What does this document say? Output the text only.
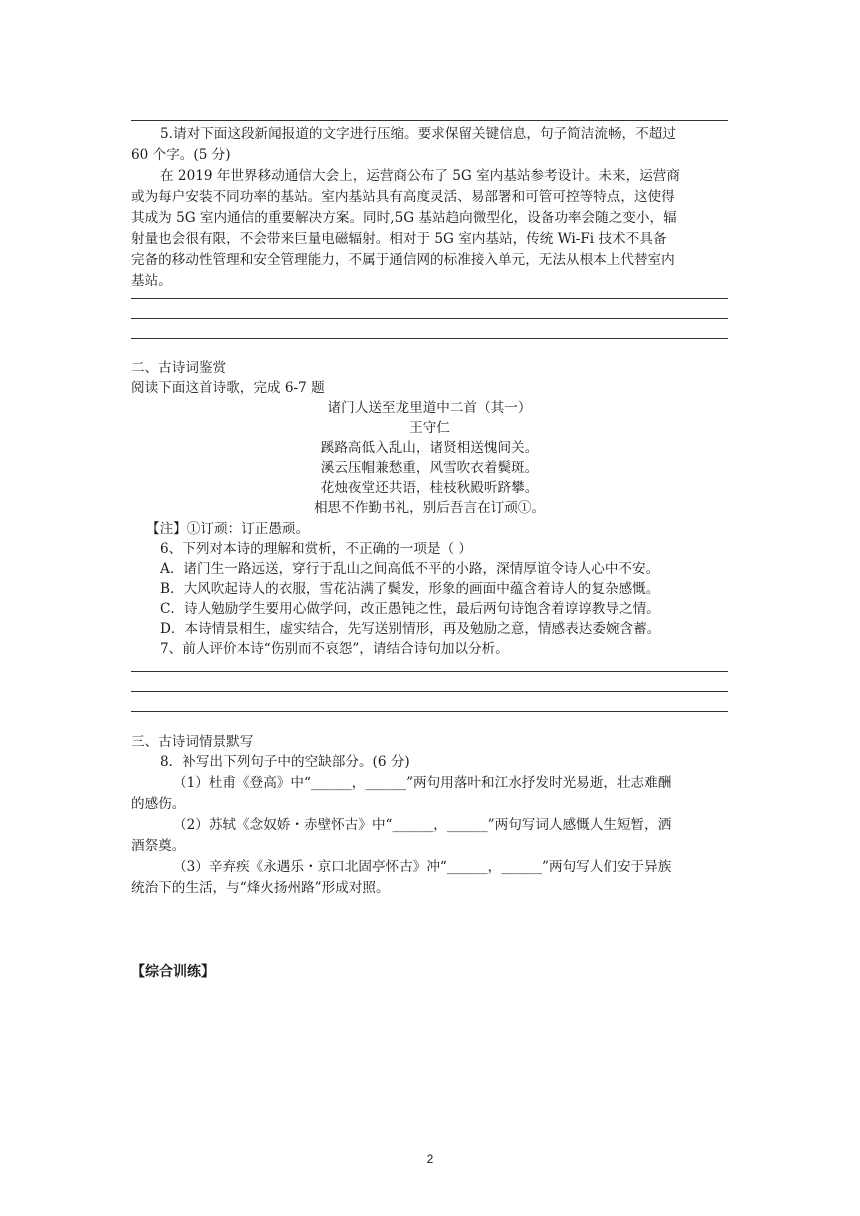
5.请对下面这段新闻报道的文字进行压缩。要求保留关键信息，句子简洁流畅，不超过
60 个字。(5 分)
在 2019 年世界移动通信大会上，运营商公布了 5G 室内基站参考设计。未来，运营商
或为每户安装不同功率的基站。室内基站具有高度灵活、易部署和可管可控等特点，这使得
其成为 5G 室内通信的重要解决方案。同时,5G 基站趋向微型化，设备功率会随之变小，辐
射量也会很有限，不会带来巨量电磁辐射。相对于 5G 室内基站，传统 Wi-Fi 技术不具备
完备的移动性管理和安全管理能力，不属于通信网的标准接入单元，无法从根本上代替室内
基站。
二、古诗词鉴赏
阅读下面这首诗歌，完成 6-7 题
诸门人送至龙里道中二首（其一）
王守仁
蹊路高低入乱山，诸贤相送愧间关。
溪云压帽兼愁重，风雪吹衣着鬓斑。
花烛夜堂还共语，桂枝秋殿听跻攀。
相思不作勤书礼，别后吾言在订顽①。
【注】①订顽：订正愚顽。
6、下列对本诗的理解和赏析，不正确的一项是（ ）
A．诸门生一路远送，穿行于乱山之间高低不平的小路，深情厚谊令诗人心中不安。
B．大风吹起诗人的衣服，雪花沾满了鬓发，形象的画面中蕴含着诗人的复杂感慨。
C．诗人勉励学生要用心做学问，改正愚钝之性，最后两句诗饱含着谆谆教导之情。
D．本诗情景相生，虚实结合，先写送别情形，再及勉励之意，情感表达委婉含蓄。
7、前人评价本诗“伤别而不哀怨”，请结合诗句加以分析。
三、古诗词情景默写
8．补写出下列句子中的空缺部分。(6 分)
（1）杜甫《登高》中“______，______”两句用落叶和江水抒发时光易逝，壮志难酬
的感伤。
（2）苏轼《念奴娇・赤壁怀古》中“______，______”两句写词人感慨人生短暂，洒
酒祭奠。
（3）辛弃疾《永遇乐・京口北固亭怀古》冲“______，______”两句写人们安于异族
统治下的生活，与“烽火扬州路”形成对照。
【综合训练】
2
